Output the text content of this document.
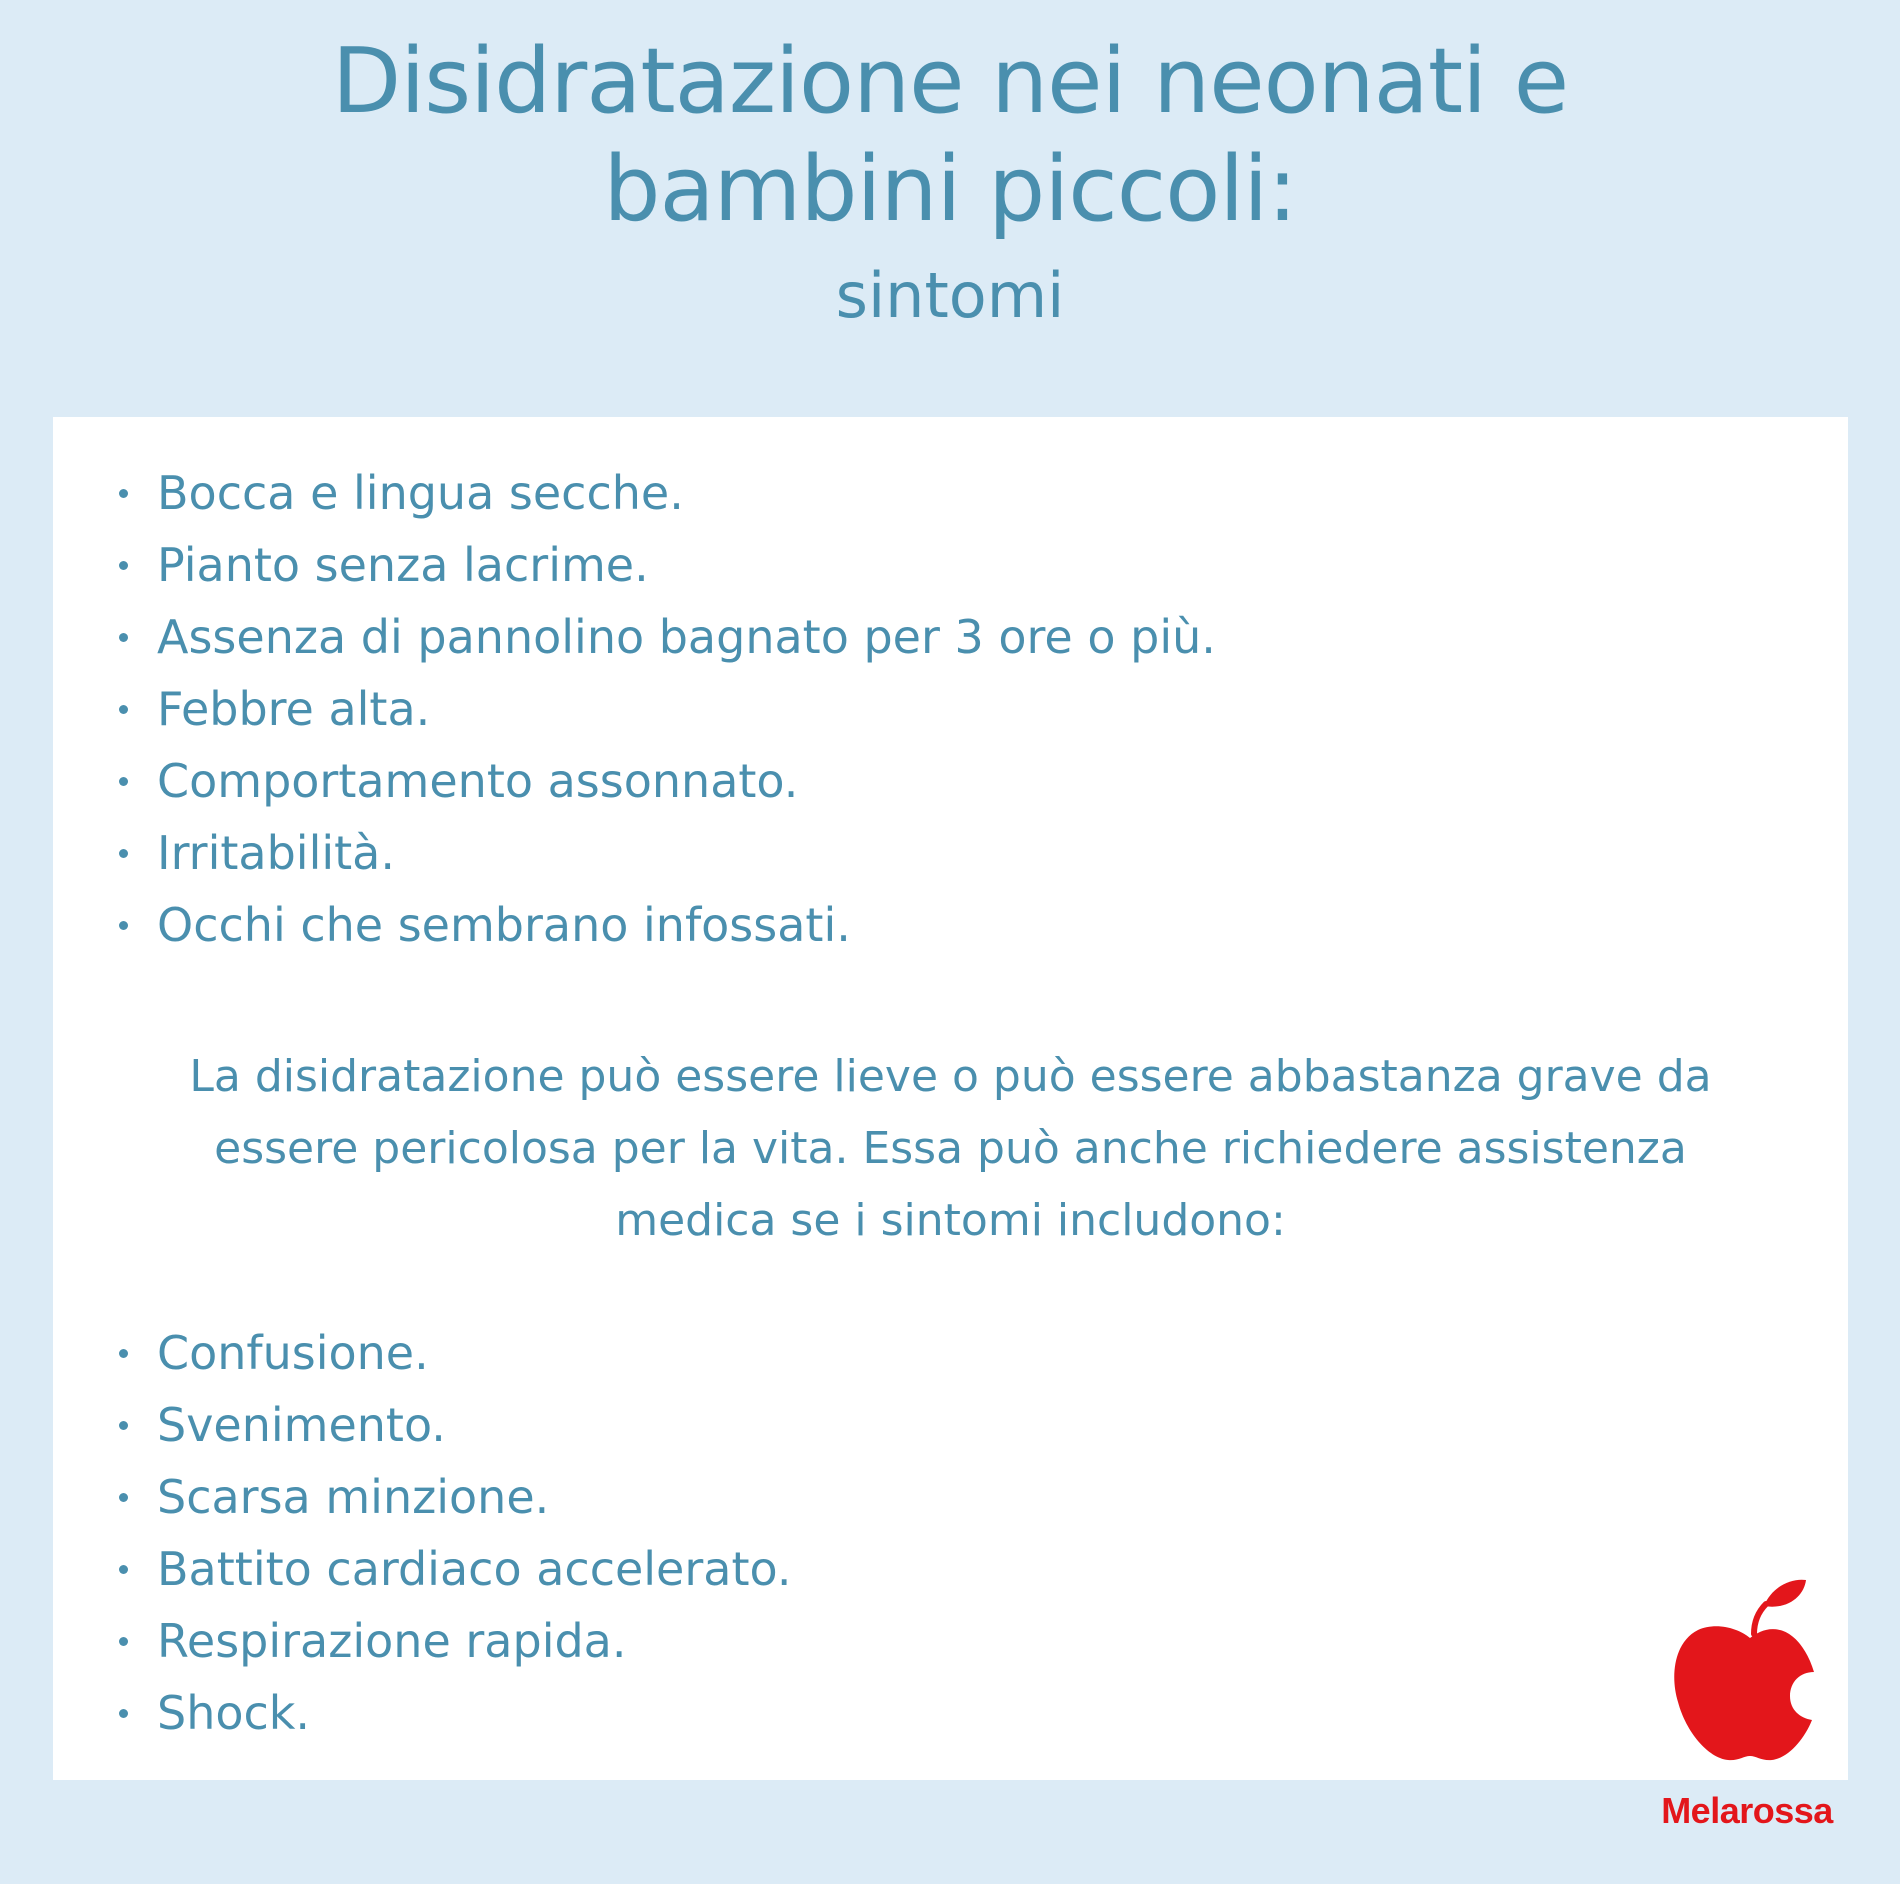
Disidratazione nei neonati e
bambini piccoli:
sintomi
Bocca e lingua secche.
Pianto senza lacrime.
Assenza di pannolino bagnato per 3 ore o più.
Febbre alta.
Comportamento assonnato.
Irritabilità.
Occhi che sembrano infossati.
La disidratazione può essere lieve o può essere abbastanza grave da
essere pericolosa per la vita. Essa può anche richiedere assistenza
medica se i sintomi includono:
Confusione.
Svenimento.
Scarsa minzione.
Battito cardiaco accelerato.
Respirazione rapida.
Shock.
Melarossa
